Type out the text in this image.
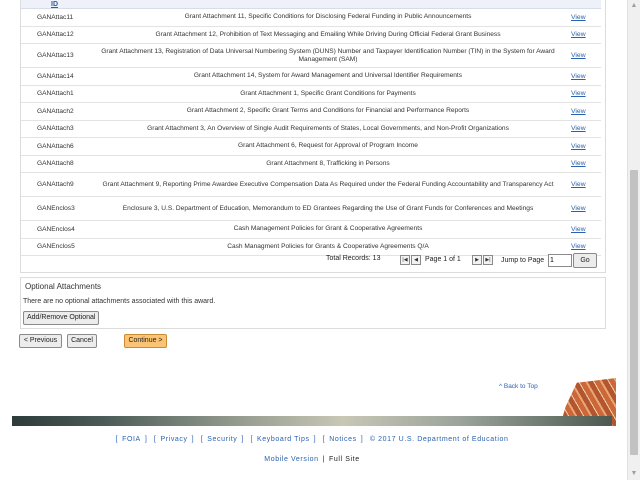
ID		
GANAttac11	Grant Attachment 11, Specific Conditions for Disclosing Federal Funding in Public Announcements	View
GANAttac12	Grant Attachment 12, Prohibition of Text Messaging and Emailing While Driving During Official Federal Grant Business	View
GANAttac13	Grant Attachment 13, Registration of Data Universal Numbering System (DUNS) Number and Taxpayer Identification Number (TIN) in the System for Award Management (SAM)	View
GANAttac14	Grant Attachment 14, System for Award Management and Universal Identifier Requirements	View
GANAttach1	Grant Attachment 1, Specific Grant Conditions for Payments	View
GANAttach2	Grant Attachment 2, Specific Grant Terms and Conditions for Financial and Performance Reports	View
GANAttach3	Grant Attachment 3, An Overview of Single Audit Requirements of States, Local Governments, and Non-Profit Organizations	View
GANAttach6	Grant Attachment 6, Request for Approval of Program Income	View
GANAttach8	Grant Attachment 8, Trafficking in Persons	View
GANAttach9	Grant Attachment 9, Reporting Prime Awardee Executive Compensation Data As Required under the Federal Funding Accountability and Transparency Act	View
GANEnclos3	Enclosure 3, U.S. Department of Education, Memorandum to ED Grantees Regarding the Use of Grant Funds for Conferences and Meetings	View
GANEnclos4	Cash Management Policies for Grant & Cooperative Agreements	View
GANEnclos5	Cash Managment Policies for Grants & Cooperative Agreements Q/A	View
Total Records: 13	|◀	◀	Page 1 of 1	▶	▶|	Jump to Page
1	Go
Optional Attachments
There are no optional attachments associated with this award.
Add/Remove Optional
< Previous	Cancel	Continue >
^ Back to Top
[ FOIA ] [ Privacy ] [ Security ] [ Keyboard Tips ] [ Notices ] © 2017 U.S. Department of Education
Mobile Version | Full Site
▲
▼
